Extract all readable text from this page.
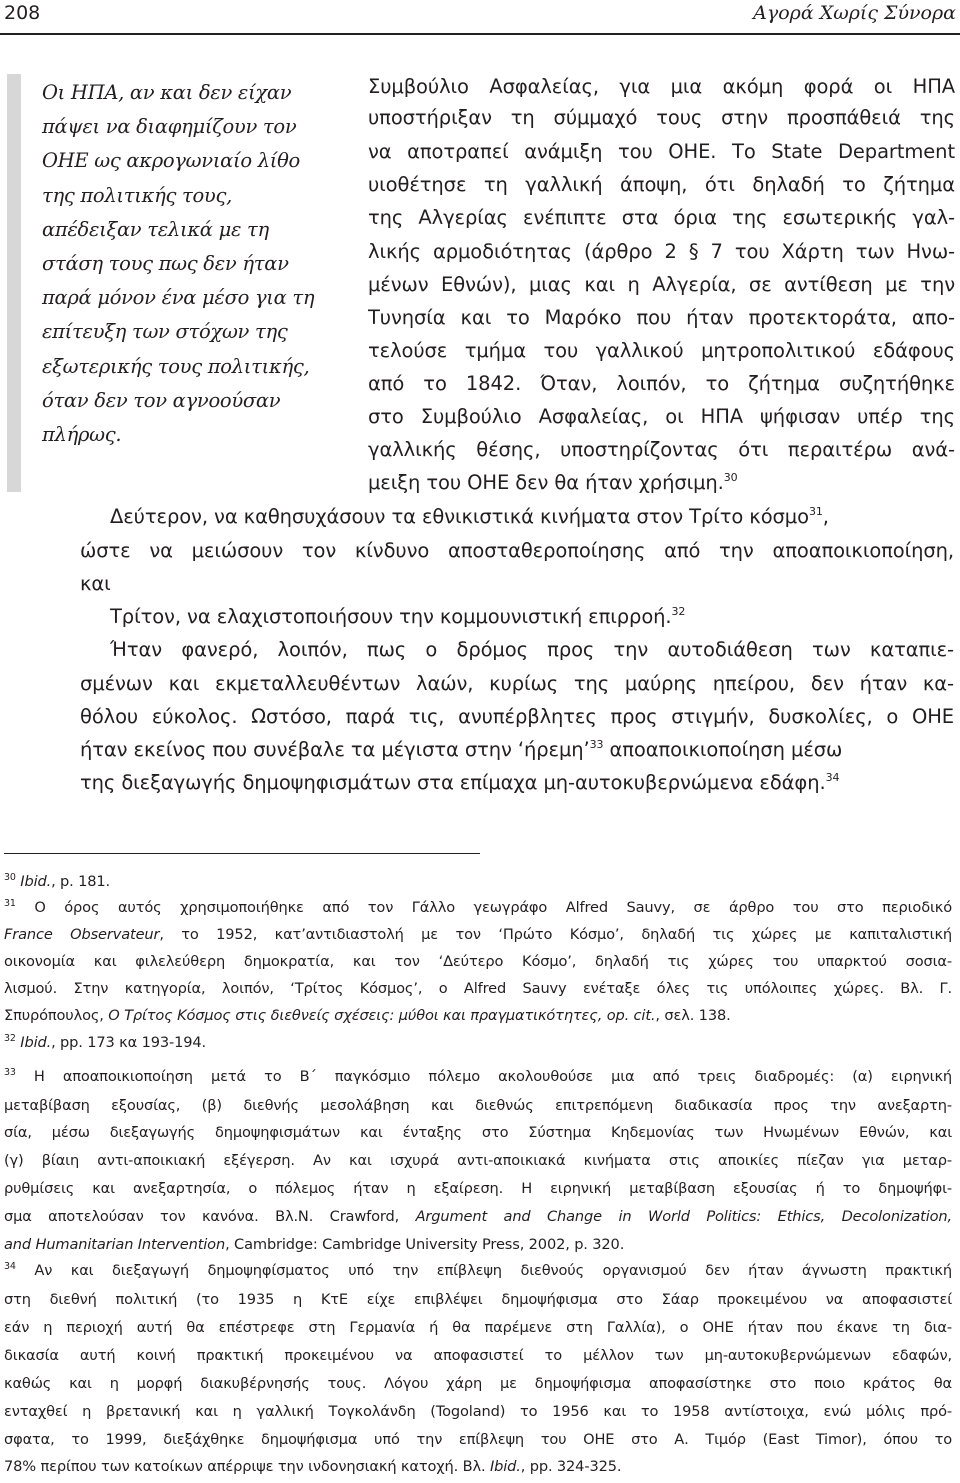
208	Αγορά Χωρίς Σύνορα
Οι ΗΠΑ, αν και δεν είχαν
πάψει να διαφημίζουν τον
ΟΗΕ ως ακρογωνιαίο λίθο
της πολιτικής τους,
απέδειξαν τελικά με τη
στάση τους πως δεν ήταν
παρά μόνον ένα μέσο για τη
επίτευξη των στόχων της
εξωτερικής τους πολιτικής,
όταν δεν τον αγνοούσαν
πλήρως.
Συμβούλιο Ασφαλείας, για μια ακόμη φορά οι ΗΠΑ
υποστήριξαν τη σύμμαχό τους στην προσπάθειά της
να αποτραπεί ανάμιξη του ΟΗΕ. Το State Department
υιοθέτησε τη γαλλική άποψη, ότι δηλαδή το ζήτημα
της Αλγερίας ενέπιπτε στα όρια της εσωτερικής γαλ-
λικής αρμοδιότητας (άρθρο 2 § 7 του Χάρτη των Ηνω-
μένων Εθνών), μιας και η Αλγερία, σε αντίθεση με την
Τυνησία και το Μαρόκο που ήταν προτεκτοράτα, απο-
τελούσε τμήμα του γαλλικού μητροπολιτικού εδάφους
από το 1842. Όταν, λοιπόν, το ζήτημα συζητήθηκε
στο Συμβούλιο Ασφαλείας, οι ΗΠΑ ψήφισαν υπέρ της
γαλλικής θέσης, υποστηρίζοντας ότι περαιτέρω ανά-
μειξη του ΟΗΕ δεν θα ήταν χρήσιμη.$^{30}$
Δεύτερον, να καθησυχάσουν τα εθνικιστικά κινήματα στον Τρίτο κόσμο$^{31}$,
ώστε να μειώσουν τον κίνδυνο αποσταθεροποίησης από την αποαποικιοποίηση,
και
Τρίτον, να ελαχιστοποιήσουν την κομμουνιστική επιρροή.$^{32}$
Ήταν φανερό, λοιπόν, πως ο δρόμος προς την αυτοδιάθεση των καταπιε-
σμένων και εκμεταλλευθέντων λαών, κυρίως της μαύρης ηπείρου, δεν ήταν κα-
θόλου εύκολος. Ωστόσο, παρά τις, ανυπέρβλητες προς στιγμήν, δυσκολίες, ο ΟΗΕ
ήταν εκείνος που συνέβαλε τα μέγιστα στην ‘ήρεμη’$^{33}$ αποαποικιοποίηση μέσω
της διεξαγωγής δημοψηφισμάτων στα επίμαχα μη-αυτοκυβερνώμενα εδάφη.$^{34}$
$^{30}$ Ibid., p. 181.
$^{31}$ Ο όρος αυτός χρησιμοποιήθηκε από τον Γάλλο γεωγράφο Alfred Sauvy, σε άρθρο του στο περιοδικό
France Observateur, το 1952, κατ’αντιδιαστολή με τον ‘Πρώτο Κόσμο’, δηλαδή τις χώρες με καπιταλιστική
οικονομία και φιλελεύθερη δημοκρατία, και τον ‘Δεύτερο Κόσμο’, δηλαδή τις χώρες του υπαρκτού σοσια-
λισμού. Στην κατηγορία, λοιπόν, ‘Τρίτος Κόσμος’, ο Alfred Sauvy ενέταξε όλες τις υπόλοιπες χώρες. Βλ. Γ.
Σπυρόπουλος, Ο Τρίτος Κόσμος στις διεθνείς σχέσεις: μύθοι και πραγματικότητες, op. cit., σελ. 138.
$^{32}$ Ibid., pp. 173 κα 193-194.
$^{33}$ Η αποαποικιοποίηση μετά το Β΄ παγκόσμιο πόλεμο ακολουθούσε μια από τρεις διαδρομές: (α) ειρηνική
μεταβίβαση εξουσίας, (β) διεθνής μεσολάβηση και διεθνώς επιτρεπόμενη διαδικασία προς την ανεξαρτη-
σία, μέσω διεξαγωγής δημοψηφισμάτων και ένταξης στο Σύστημα Κηδεμονίας των Ηνωμένων Εθνών, και
(γ) βίαιη αντι-αποικιακή εξέγερση. Αν και ισχυρά αντι-αποικιακά κινήματα στις αποικίες πίεζαν για μεταρ-
ρυθμίσεις και ανεξαρτησία, ο πόλεμος ήταν η εξαίρεση. Η ειρηνική μεταβίβαση εξουσίας ή το δημοψήφι-
σμα αποτελούσαν τον κανόνα. Βλ.N. Crawford, Argument and Change in World Politics: Ethics, Decolonization,
and Humanitarian Intervention, Cambridge: Cambridge University Press, 2002, p. 320.
$^{34}$ Αν και διεξαγωγή δημοψηφίσματος υπό την επίβλεψη διεθνούς οργανισμού δεν ήταν άγνωστη πρακτική
στη διεθνή πολιτική (το 1935 η ΚτΕ είχε επιβλέψει δημοψήφισμα στο Σάαρ προκειμένου να αποφασιστεί
εάν η περιοχή αυτή θα επέστρεφε στη Γερμανία ή θα παρέμενε στη Γαλλία), ο ΟΗΕ ήταν που έκανε τη δια-
δικασία αυτή κοινή πρακτική προκειμένου να αποφασιστεί το μέλλον των μη-αυτοκυβερνώμενων εδαφών,
καθώς και η μορφή διακυβέρνησής τους. Λόγου χάρη με δημοψήφισμα αποφασίστηκε στο ποιο κράτος θα
ενταχθεί η βρετανική και η γαλλική Τογκολάνδη (Togoland) το 1956 και το 1958 αντίστοιχα, ενώ μόλις πρό-
σφατα, το 1999, διεξάχθηκε δημοψήφισμα υπό την επίβλεψη του ΟΗΕ στο Α. Τιμόρ (East Timor), όπου το
78% περίπου των κατοίκων απέρριψε την ινδονησιακή κατοχή. Βλ. Ibid., pp. 324-325.
